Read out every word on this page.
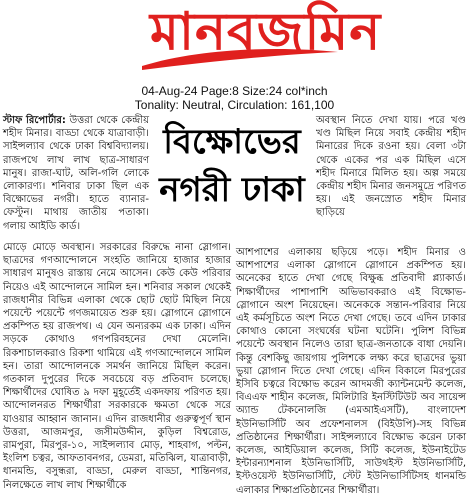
মানবজমিন
04-Aug-24 Page:8 Size:24 col*inch
Tonality: Neutral, Circulation: 161,100
বিক্ষোভের
নগরী ঢাকা

স্টাফ রিপোর্টার: উত্তরা থেকে কেন্দ্রীয় শহীদ মিনার। বাড্ডা থেকে যাত্রাবাড়ী। সাইন্সল্যাব থেকে ঢাকা বিশ্ববিদ্যালয়। রাজপথে লাখ লাখ ছাত্র-সাধারণ মানুষ। রাজা-ঘাট, অলি-গলি লোকে লোকারণ্য। শনিবার ঢাকা ছিল এক বিক্ষোভের নগরী। হাতে ব্যানার-ফেস্টুন। মাথায় জাতীয় পতাকা। গলায় আইডি কার্ড।

মোড়ে মোড়ে অবস্থান। সরকারের বিরুদ্ধে নানা স্লোগান। ছাত্রদের গণআন্দোলনে সংহতি জানিয়ে হাজার হাজার সাধারণ মানুষও রাস্তায় নেমে আসেন। কেউ কেউ পরিবার নিয়েও এই আন্দোলনে সামিল হন। শনিবার সকাল থেকেই রাজধানীর বিভিন্ন এলাকা থেকে ছোট ছোট মিছিল নিয়ে পয়েন্টে পয়েন্টে গণজমায়েত শুরু হয়। স্লোগানে স্লোগানে প্রকম্পিত হয় রাজপথ। এ যেন অন্যরকম এক ঢাকা। এদিন সড়কে কোথাও গণপরিবহনের দেখা মেলেনি। রিকশাচালকরাও রিকশা থামিয়ে এই গণআন্দোলনে সামিল হন। তারা আন্দোলনকে সমর্থন জানিয়ে মিছিল করেন। গতকাল দুপুরের দিকে সবচেয়ে বড় প্রতিবাদ চলেছে। শিক্ষার্থীদের ঘোষিত ৯ দফা মুহূর্তেই একদফায় পরিণত হয়। আন্দোলনরত শিক্ষার্থীরা সরকারকে ক্ষমতা থেকে সরে যাওয়ার আহ্বান জানান। এদিন রাজধানীর গুরুত্বপূর্ণ স্থান উত্তরা, আজমপুর, জসীমউদ্দীন, কুড়িল বিশ্বরোড, রামপুরা, মিরপুর-১০, সাইন্সল্যাব মোড়, শাহবাগ, পল্টন, ইংলিশ চত্বর, আফতাবনগর, ডেমরা, মতিঝিল, যাত্রাবাড়ী, ধানমন্ডি, বসুন্ধরা, বাড্ডা, মেরুল বাড্ডা, শান্তিনগর, নিলক্ষেতে লাখ লাখ শিক্ষার্থীকে

অবস্থান নিতে দেখা যায়। পরে খণ্ড খণ্ড মিছিল নিয়ে সবাই কেন্দ্রীয় শহীদ মিনারের দিকে রওনা হয়। বেলা ৩টা থেকে একের পর এক মিছিল এসে শহীদ মিনারে মিলিত হয়। অল্প সময়ে কেন্দ্রীয় শহীদ মিনার জনসমুদ্রে পরিণত হয়। এই জনস্রোত শহীদ মিনার ছাড়িয়ে

আশপাশের এলাকায় ছড়িয়ে পড়ে। শহীদ মিনার ও আশপাশের এলাকা স্লোগানে স্লোগানে প্রকম্পিত হয়। অনেকের হাতে দেখা গেছে বিক্ষুব্ধ প্রতিবাদী প্ল্যাকার্ড। শিক্ষার্থীদের পাশাপাশি অভিভাবকরাও এই বিক্ষোভ-স্লোগানে অংশ নিয়েছেন। অনেককে সন্তান-পরিবার নিয়ে এই কর্মসূচিতে অংশ নিতে দেখা গেছে। তবে এদিন ঢাকার কোথাও কোনো সংঘর্ষের ঘটনা ঘটেনি। পুলিশ বিভিন্ন পয়েন্টে অবস্থান নিলেও তারা ছাত্র-জনতাকে বাধা দেয়নি। কিন্তু বেশকিছু জায়গায় পুলিশকে লক্ষ্য করে ছাত্রদের ভুয়া ভুয়া স্লোগান দিতে দেখা গেছে। এদিন বিকালে মিরপুরের ইসিবি চত্বরে বিক্ষোভ করেন আদমজী ক্যান্টনমেন্ট কলেজ, বিএএফ শাহীন কলেজ, মিলিটারি ইনস্টিটিউট অব সায়েন্স অ্যান্ড টেকনোলজি (এমআইএসটি), বাংলাদেশ ইউনিভার্সিটি অব প্রফেশনালস (বিইউপি)-সহ বিভিন্ন প্রতিষ্ঠানের শিক্ষার্থীরা। সাইন্সল্যাবে বিক্ষোভ করেন ঢাকা কলেজ, আইডিয়াল কলেজ, সিটি কলেজ, ইউনাইটেড ইন্টারন্যাশনাল ইউনিভার্সিটি, সাউথইস্ট ইউনিভার্সিটি, ইস্টওয়েস্ট ইউনিভার্সিটি, স্টেট ইউনিভার্সিটিসহ ধানমন্ডি এলাকার শিক্ষাপ্রতিষ্ঠানের শিক্ষার্থীরা।
